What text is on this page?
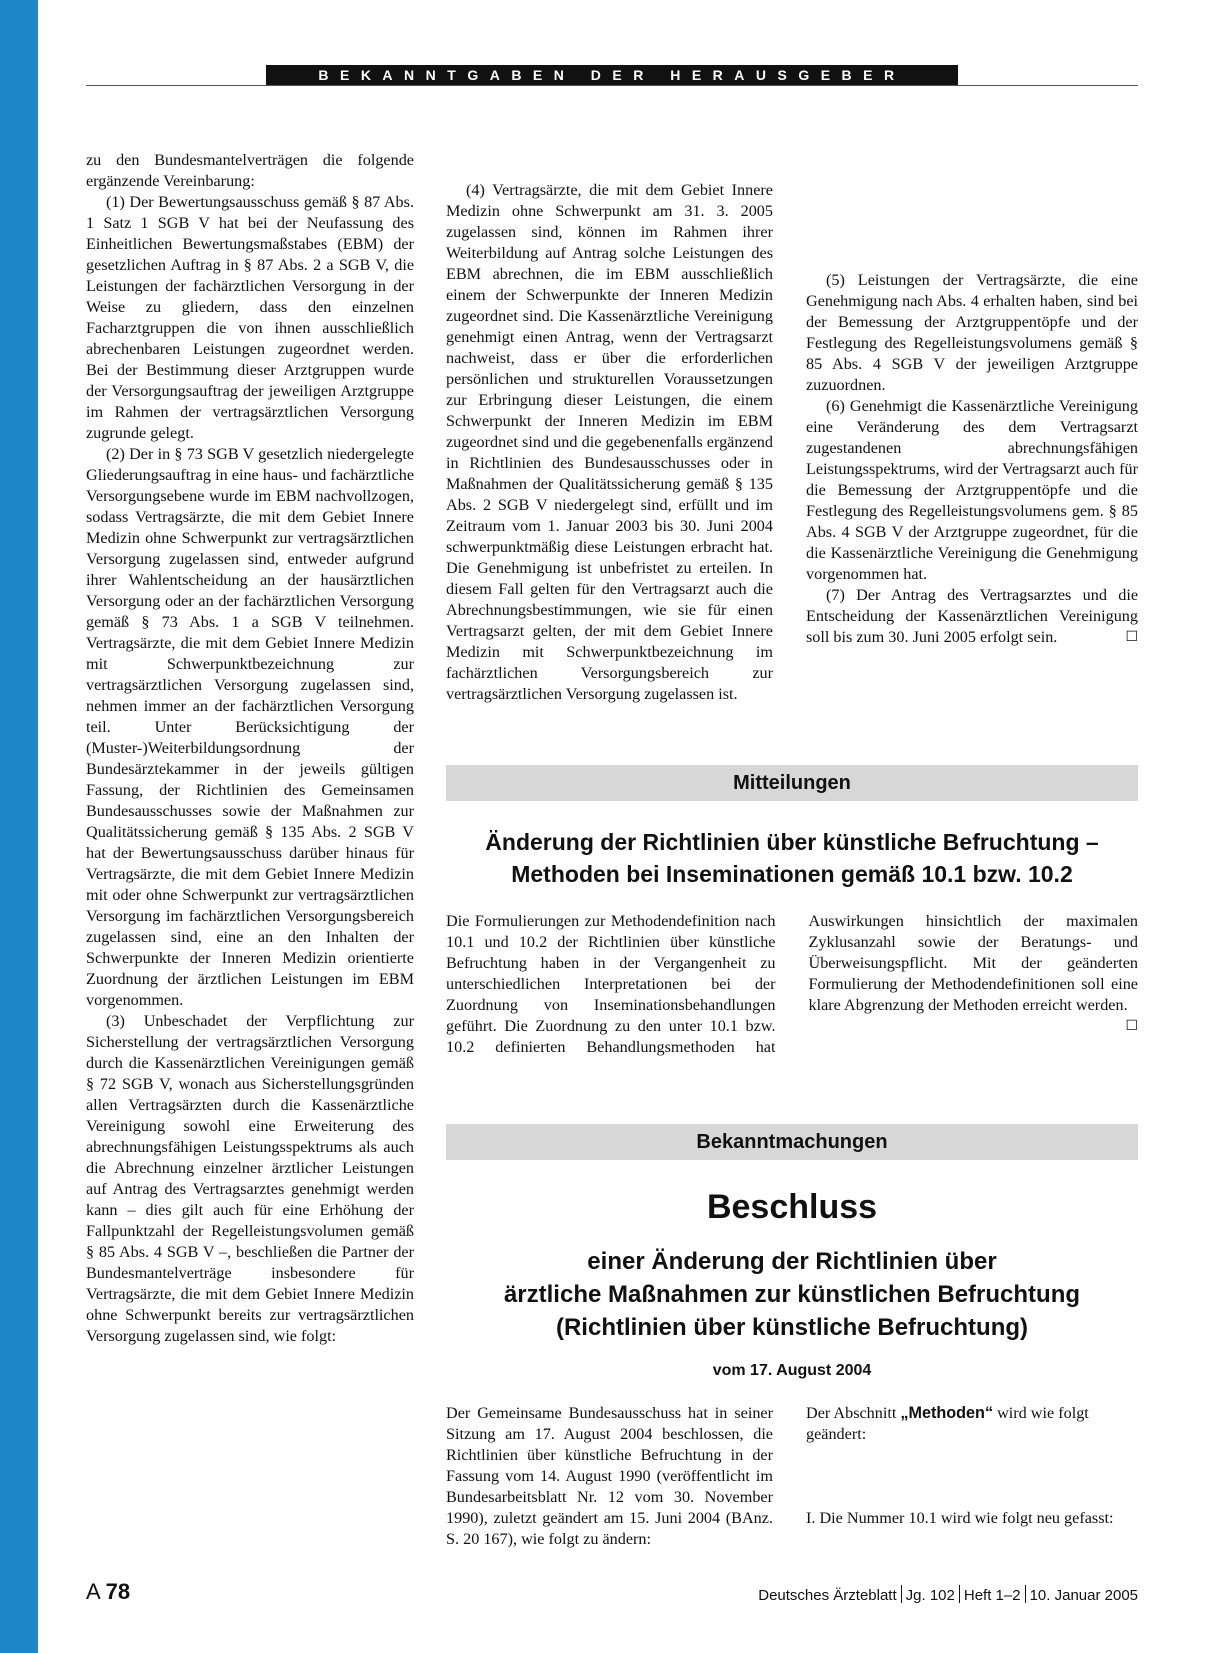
BEKANNTGABEN DER HERAUSGEBER

zu den Bundesmantelverträgen die folgende ergänzende Vereinbarung:

(1) Der Bewertungsausschuss gemäß § 87 Abs. 1 Satz 1 SGB V hat bei der Neufassung des Einheitlichen Bewertungsmaßstabes (EBM) der gesetzlichen Auftrag in § 87 Abs. 2 a SGB V, die Leistungen der fachärztlichen Versorgung in der Weise zu gliedern, dass den einzelnen Facharztgruppen die von ihnen ausschließlich abrechenbaren Leistungen zugeordnet werden. Bei der Bestimmung dieser Arztgruppen wurde der Versorgungsauftrag der jeweiligen Arztgruppe im Rahmen der vertragsärztlichen Versorgung zugrunde gelegt.

(2) Der in § 73 SGB V gesetzlich niedergelegte Gliederungsauftrag in eine haus- und fachärztliche Versorgungsebene wurde im EBM nachvollzogen, sodass Vertragsärzte, die mit dem Gebiet Innere Medizin ohne Schwerpunkt zur vertragsärztlichen Versorgung zugelassen sind, entweder aufgrund ihrer Wahlentscheidung an der hausärztlichen Versorgung oder an der fachärztlichen Versorgung gemäß § 73 Abs. 1 a SGB V teilnehmen. Vertragsärzte, die mit dem Gebiet Innere Medizin mit Schwerpunktbezeichnung zur vertragsärztlichen Versorgung zugelassen sind, nehmen immer an der fachärztlichen Versorgung teil. Unter Berücksichtigung der (Muster-)Weiterbildungsordnung der Bundesärztekammer in der jeweils gültigen Fassung, der Richtlinien des Gemeinsamen Bundesausschusses sowie der Maßnahmen zur Qualitätssicherung gemäß § 135 Abs. 2 SGB V hat der Bewertungsausschuss darüber hinaus für Vertragsärzte, die mit dem Gebiet Innere Medizin mit oder ohne Schwerpunkt zur vertragsärztlichen Versorgung im fachärztlichen Versorgungsbereich zugelassen sind, eine an den Inhalten der Schwerpunkte der Inneren Medizin orientierte Zuordnung der ärztlichen Leistungen im EBM vorgenommen.

(3) Unbeschadet der Verpflichtung zur Sicherstellung der vertragsärztlichen Versorgung durch die Kassenärztlichen Vereinigungen gemäß § 72 SGB V, wonach aus Sicherstellungsgründen allen Vertragsärzten durch die Kassenärztliche Vereinigung sowohl eine Erweiterung des abrechnungsfähigen Leistungsspektrums als auch die Abrechnung einzelner ärztlicher Leistungen auf Antrag des Vertragsarztes genehmigt werden kann – dies gilt auch für eine Erhöhung der Fallpunktzahl der Regelleistungsvolumen gemäß § 85 Abs. 4 SGB V –, beschließen die Partner der Bundesmantelverträge insbesondere für Vertragsärzte, die mit dem Gebiet Innere Medizin ohne Schwerpunkt bereits zur vertragsärztlichen Versorgung zugelassen sind, wie folgt:

(4) Vertragsärzte, die mit dem Gebiet Innere Medizin ohne Schwerpunkt am 31. 3. 2005 zugelassen sind, können im Rahmen ihrer Weiterbildung auf Antrag solche Leistungen des EBM abrechnen, die im EBM ausschließlich einem der Schwerpunkte der Inneren Medizin zugeordnet sind. Die Kassenärztliche Vereinigung genehmigt einen Antrag, wenn der Vertragsarzt nachweist, dass er über die erforderlichen persönlichen und strukturellen Voraussetzungen zur Erbringung dieser Leistungen, die einem Schwerpunkt der Inneren Medizin im EBM zugeordnet sind und die gegebenenfalls ergänzend in Richtlinien des Bundesausschusses oder in Maßnahmen der Qualitätssicherung gemäß § 135 Abs. 2 SGB V niedergelegt sind, erfüllt und im Zeitraum vom 1. Januar 2003 bis 30. Juni 2004 schwerpunktmäßig diese Leistungen erbracht hat. Die Genehmigung ist unbefristet zu erteilen. In diesem Fall gelten für den Vertragsarzt auch die Abrechnungsbestimmungen, wie sie für einen Vertragsarzt gelten, der mit dem Gebiet Innere Medizin mit Schwerpunktbezeichnung im fachärztlichen Versorgungsbereich zur vertragsärztlichen Versorgung zugelassen ist.

(5) Leistungen der Vertragsärzte, die eine Genehmigung nach Abs. 4 erhalten haben, sind bei der Bemessung der Arztgruppentöpfe und der Festlegung des Regelleistungsvolumens gemäß § 85 Abs. 4 SGB V der jeweiligen Arztgruppe zuzuordnen.

(6) Genehmigt die Kassenärztliche Vereinigung eine Veränderung des dem Vertragsarzt zugestandenen abrechnungsfähigen Leistungsspektrums, wird der Vertragsarzt auch für die Bemessung der Arztgruppentöpfe und die Festlegung des Regelleistungsvolumens gem. § 85 Abs. 4 SGB V der Arztgruppe zugeordnet, für die die Kassenärztliche Vereinigung die Genehmigung vorgenommen hat.

(7) Der Antrag des Vertragsarztes und die Entscheidung der Kassenärztlichen Vereinigung soll bis zum 30. Juni 2005 erfolgt sein.	☐

Mitteilungen
Änderung der Richtlinien über künstliche Befruchtung –
Methoden bei Inseminationen gemäß 10.1 bzw. 10.2

Die Formulierungen zur Methodendefinition nach 10.1 und 10.2 der Richtlinien über künstliche Befruchtung haben in der Vergangenheit zu unterschiedlichen Interpretationen bei der Zuordnung von Inseminationsbehandlungen geführt. Die Zuordnung zu den unter 10.1 bzw. 10.2 definierten Behandlungsmethoden hat Auswirkungen hinsichtlich der maximalen Zyklusanzahl sowie der Beratungs- und Überweisungspflicht. Mit der geänderten Formulierung der Methodendefinitionen soll eine klare Abgrenzung der Methoden erreicht werden.
☐

Bekanntmachungen
Beschluss
einer Änderung der Richtlinien über
ärztliche Maßnahmen zur künstlichen Befruchtung
(Richtlinien über künstliche Befruchtung)
vom 17. August 2004

Der Gemeinsame Bundesausschuss hat in seiner Sitzung am 17. August 2004 beschlossen, die Richtlinien über künstliche Befruchtung in der Fassung vom 14. August 1990 (veröffentlicht im Bundesarbeitsblatt Nr. 12 vom 30. November 1990), zuletzt geändert am 15. Juni 2004 (BAnz. S. 20 167), wie folgt zu ändern:

Der Abschnitt „Methoden“ wird wie folgt geändert:

I. Die Nummer 10.1 wird wie folgt neu gefasst:

A 78	Deutsches Ärzteblatt Jg. 102 Heft 1–2 10. Januar 2005
